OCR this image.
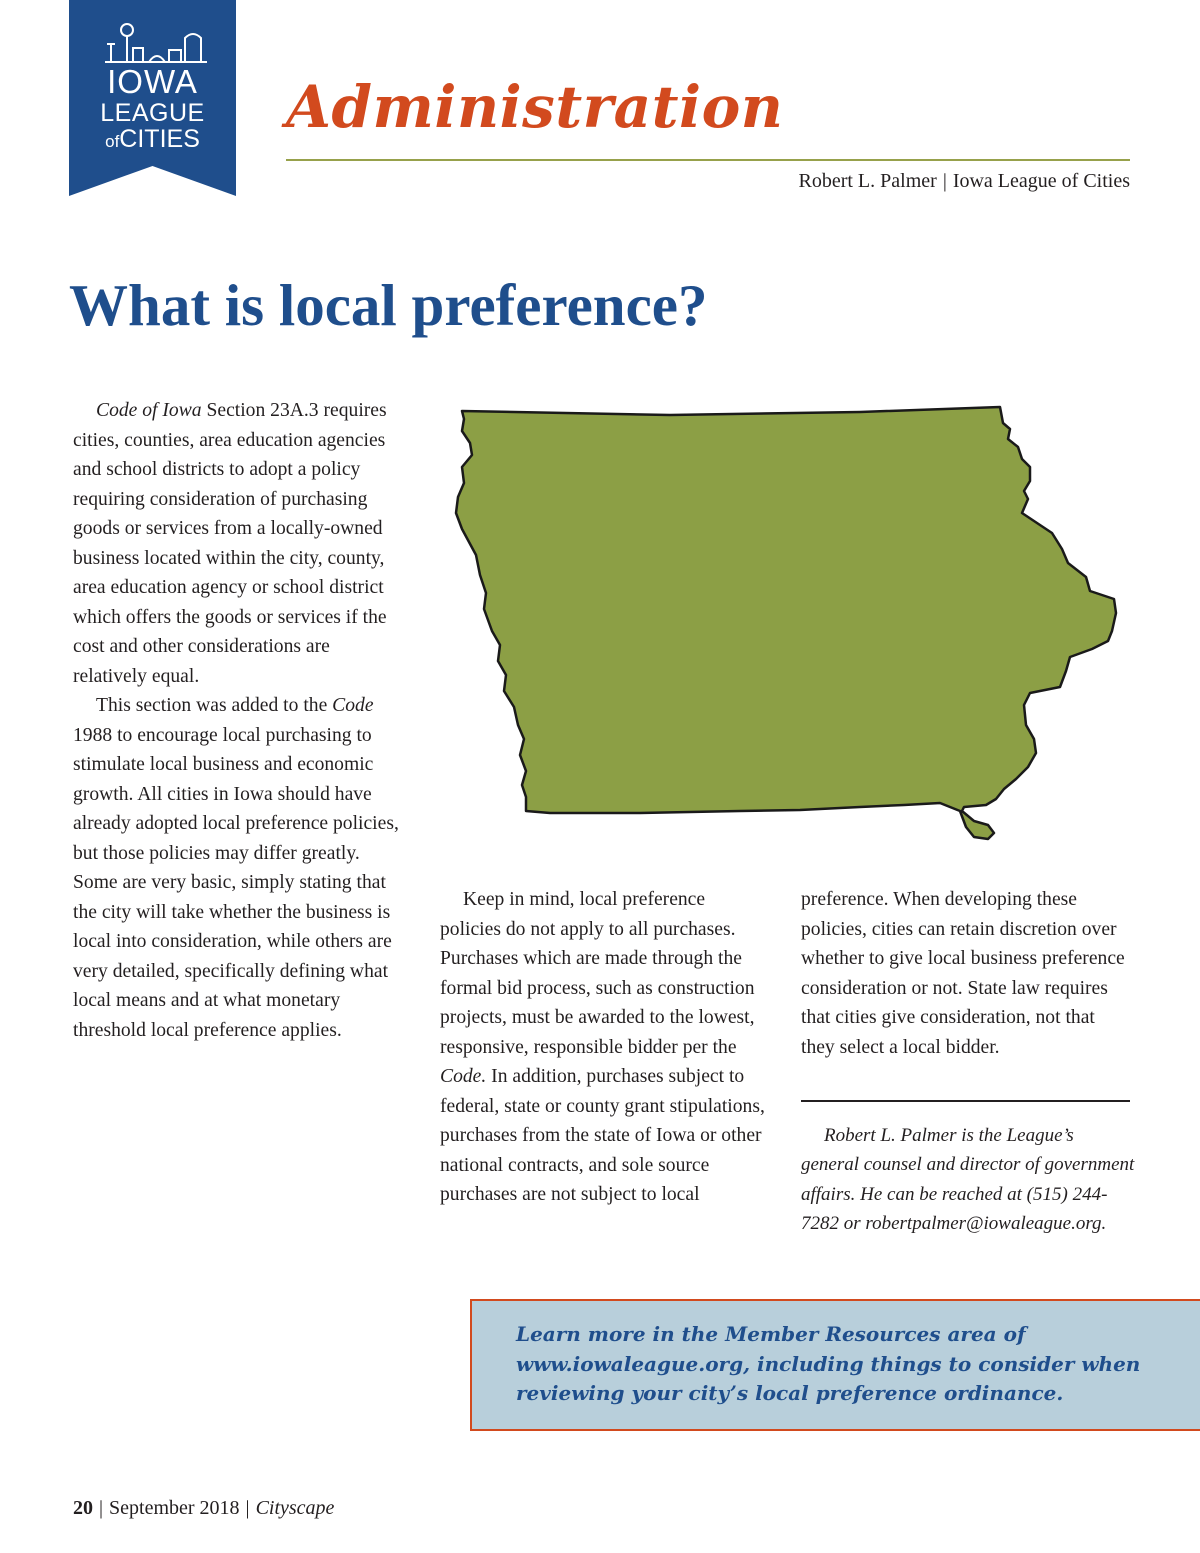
IOWA
LEAGUE
ofCITIES Administration
Robert L. Palmer | Iowa League of Cities
What is local preference?

Code of Iowa Section 23A.3 requires cities, counties, area education agencies and school districts to adopt a policy requiring consideration of purchasing goods or services from a locally-owned business located within the city, county, area education agency or school district which offers the goods or services if the cost and other considerations are relatively equal.

This section was added to the Code 1988 to encourage local purchasing to stimulate local business and economic growth. All cities in Iowa should have already adopted local preference policies, but those policies may differ greatly. Some are very basic, simply stating that the city will take whether the business is local into consideration, while others are very detailed, specifically defining what local means and at what monetary threshold local preference applies.

Keep in mind, local preference policies do not apply to all purchases. Purchases which are made through the formal bid process, such as construction projects, must be awarded to the lowest, responsive, responsible bidder per the Code. In addition, purchases subject to federal, state or county grant stipulations, purchases from the state of Iowa or other national contracts, and sole source purchases are not subject to local

preference. When developing these policies, cities can retain discretion over whether to give local business preference consideration or not. State law requires that cities give consideration, not that they select a local bidder.

Robert L. Palmer is the League’s general counsel and director of government affairs. He can be reached at (515) 244-7282 or robertpalmer@iowaleague.org.

Learn more in the Member Resources area of www.iowaleague.org, including things to consider when reviewing your city’s local preference ordinance.
20 | September 2018 | Cityscape
